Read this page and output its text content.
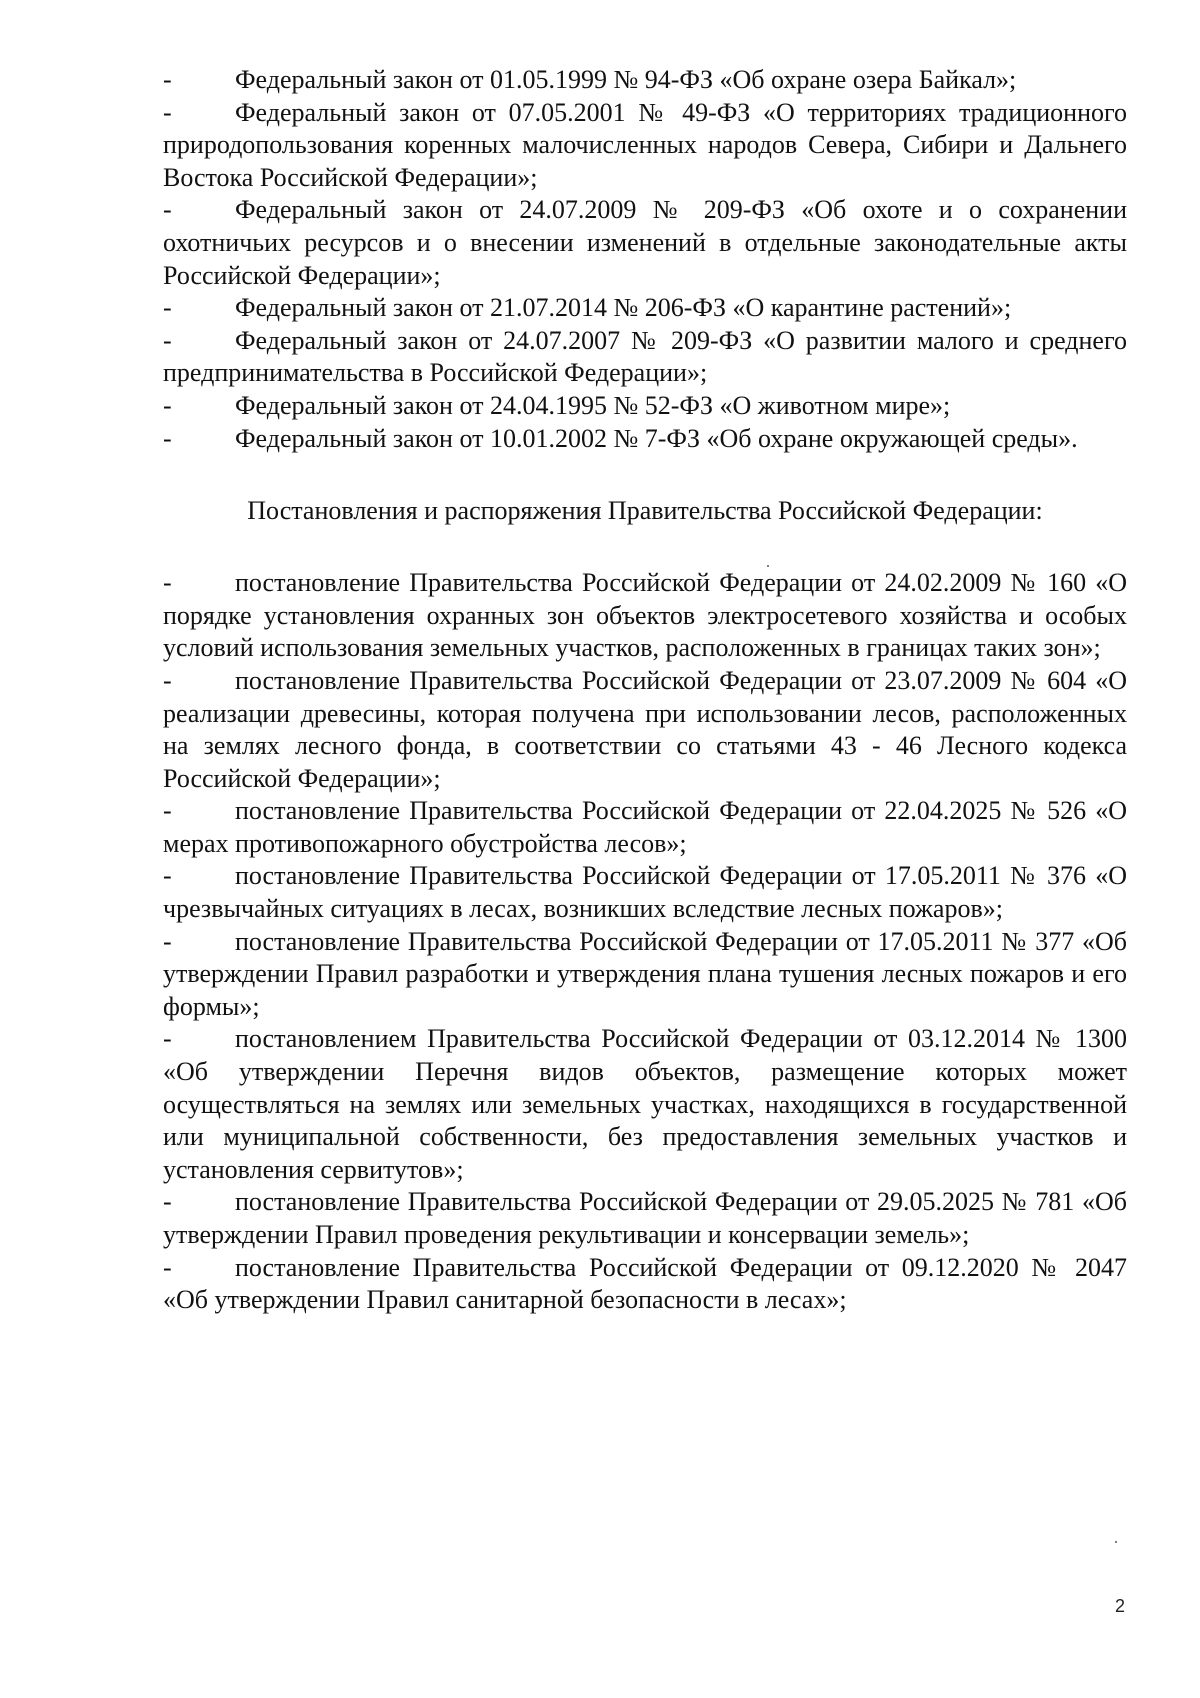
-	Федеральный закон от 01.05.1999 № 94-ФЗ «Об охране озера Байкал»;

-	Федеральный закон от 07.05.2001 № 49-ФЗ «О территориях традиционного природопользования коренных малочисленных народов Севера, Сибири и Дальнего Востока Российской Федерации»;

-	Федеральный закон от 24.07.2009 № 209-ФЗ «Об охоте и о сохранении охотничьих ресурсов и о внесении изменений в отдельные законодательные акты Российской Федерации»;

-	Федеральный закон от 21.07.2014 № 206-ФЗ «О карантине растений»;

-	Федеральный закон от 24.07.2007 № 209-ФЗ «О развитии малого и среднего предпринимательства в Российской Федерации»;

-	Федеральный закон от 24.04.1995 № 52-ФЗ «О животном мире»;

-	Федеральный закон от 10.01.2002 № 7-ФЗ «Об охране окружающей среды».

Постановления и распоряжения Правительства Российской Федерации:

-	постановление Правительства Российской Федерации от 24.02.2009 № 160 «О порядке установления охранных зон объектов электросетевого хозяйства и особых условий использования земельных участков, расположенных в границах таких зон»;

-	постановление Правительства Российской Федерации от 23.07.2009 № 604 «О реализации древесины, которая получена при использовании лесов, расположенных на землях лесного фонда, в соответствии со статьями 43 - 46 Лесного кодекса Российской Федерации»;

-	постановление Правительства Российской Федерации от 22.04.2025 № 526 «О мерах противопожарного обустройства лесов»;

-	постановление Правительства Российской Федерации от 17.05.2011 № 376 «О чрезвычайных ситуациях в лесах, возникших вследствие лесных пожаров»;

-	постановление Правительства Российской Федерации от 17.05.2011 № 377 «Об утверждении Правил разработки и утверждения плана тушения лесных пожаров и его формы»;

-	постановлением Правительства Российской Федерации от 03.12.2014 № 1300 «Об утверждении Перечня видов объектов, размещение которых может осуществляться на землях или земельных участках, находящихся в государственной или муниципальной собственности, без предоставления земельных участков и установления сервитутов»;

-	постановление Правительства Российской Федерации от 29.05.2025 № 781 «Об утверждении Правил проведения рекультивации и консервации земель»;

-	постановление Правительства Российской Федерации от 09.12.2020 № 2047 «Об утверждении Правил санитарной безопасности в лесах»;

2
